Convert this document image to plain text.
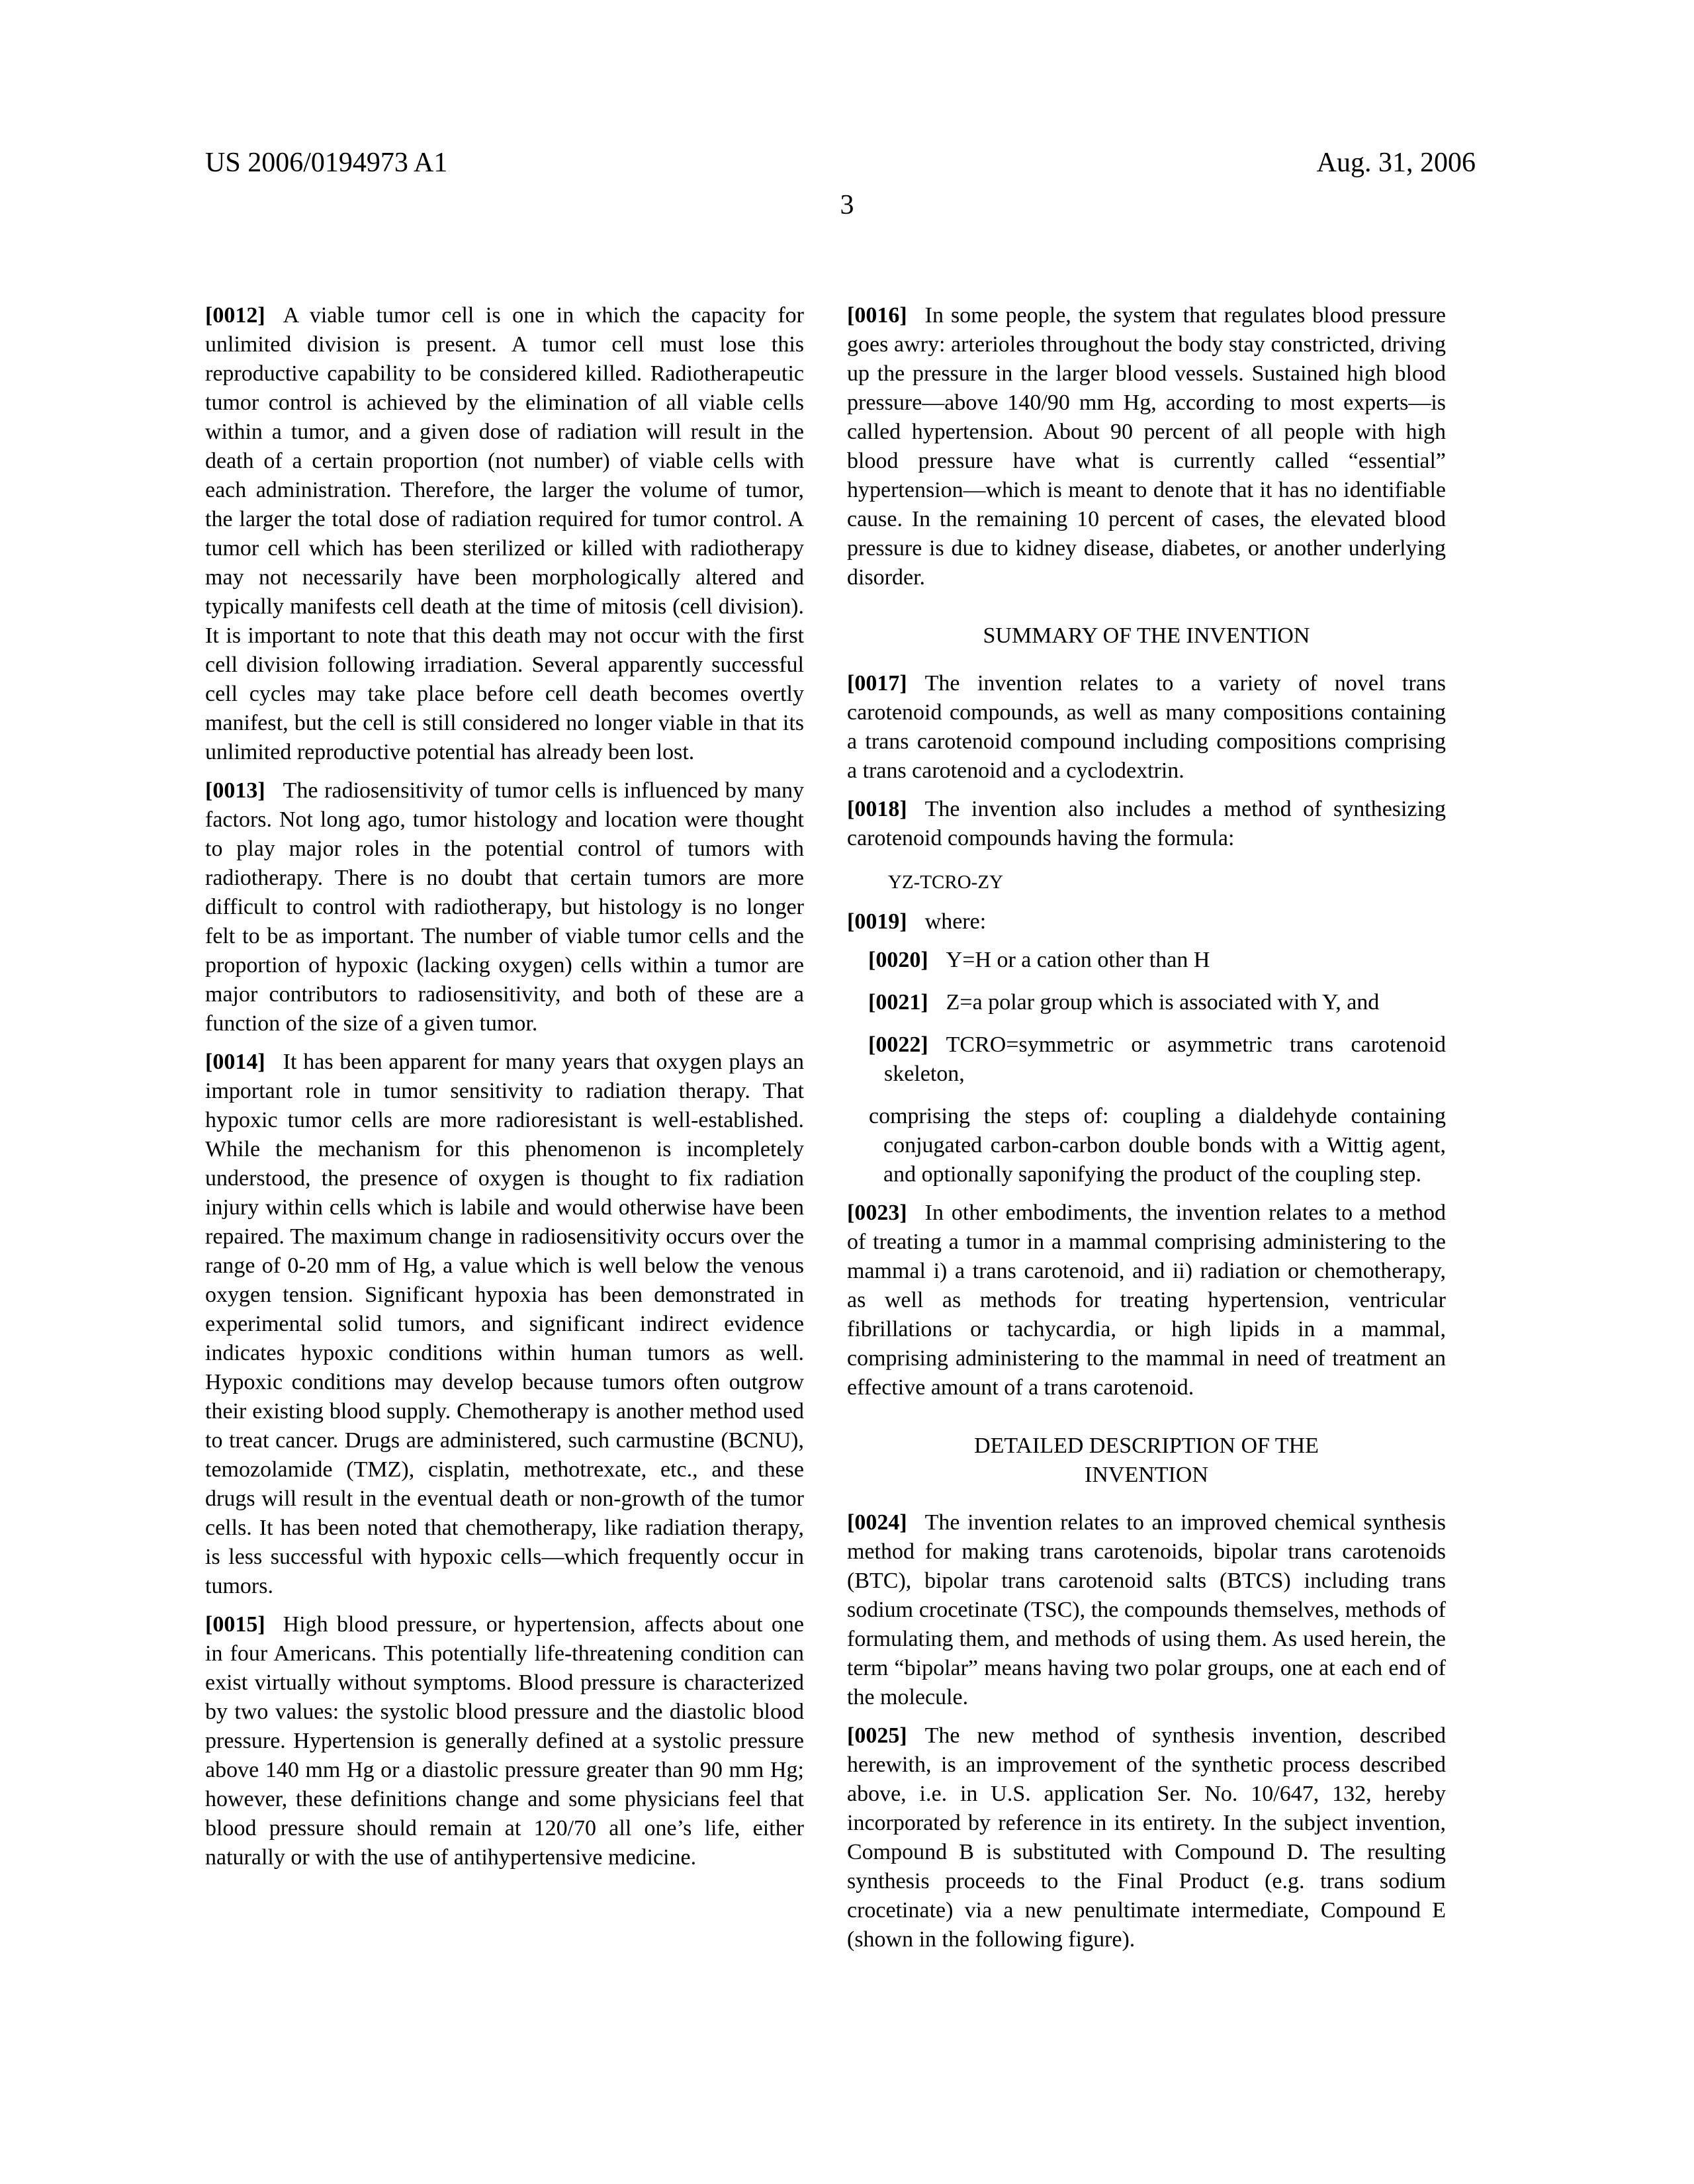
US 2006/0194973 A1	Aug. 31, 2006
3

[0012] A viable tumor cell is one in which the capacity for unlimited division is present. A tumor cell must lose this reproductive capability to be considered killed. Radiotherapeutic tumor control is achieved by the elimination of all viable cells within a tumor, and a given dose of radiation will result in the death of a certain proportion (not number) of viable cells with each administration. Therefore, the larger the volume of tumor, the larger the total dose of radiation required for tumor control. A tumor cell which has been sterilized or killed with radiotherapy may not necessarily have been morphologically altered and typically manifests cell death at the time of mitosis (cell division). It is important to note that this death may not occur with the first cell division following irradiation. Several apparently successful cell cycles may take place before cell death becomes overtly manifest, but the cell is still considered no longer viable in that its unlimited reproductive potential has already been lost.

[0013] The radiosensitivity of tumor cells is influenced by many factors. Not long ago, tumor histology and location were thought to play major roles in the potential control of tumors with radiotherapy. There is no doubt that certain tumors are more difficult to control with radiotherapy, but histology is no longer felt to be as important. The number of viable tumor cells and the proportion of hypoxic (lacking oxygen) cells within a tumor are major contributors to radiosensitivity, and both of these are a function of the size of a given tumor.

[0014] It has been apparent for many years that oxygen plays an important role in tumor sensitivity to radiation therapy. That hypoxic tumor cells are more radioresistant is well-established. While the mechanism for this phenomenon is incompletely understood, the presence of oxygen is thought to fix radiation injury within cells which is labile and would otherwise have been repaired. The maximum change in radiosensitivity occurs over the range of 0-20 mm of Hg, a value which is well below the venous oxygen tension. Significant hypoxia has been demonstrated in experimental solid tumors, and significant indirect evidence indicates hypoxic conditions within human tumors as well. Hypoxic conditions may develop because tumors often outgrow their existing blood supply. Chemotherapy is another method used to treat cancer. Drugs are administered, such carmustine (BCNU), temozolamide (TMZ), cisplatin, methotrexate, etc., and these drugs will result in the eventual death or non-growth of the tumor cells. It has been noted that chemotherapy, like radiation therapy, is less successful with hypoxic cells—which frequently occur in tumors.

[0015] High blood pressure, or hypertension, affects about one in four Americans. This potentially life-threatening condition can exist virtually without symptoms. Blood pressure is characterized by two values: the systolic blood pressure and the diastolic blood pressure. Hypertension is generally defined at a systolic pressure above 140 mm Hg or a diastolic pressure greater than 90 mm Hg; however, these definitions change and some physicians feel that blood pressure should remain at 120/70 all one’s life, either naturally or with the use of antihypertensive medicine.

[0016] In some people, the system that regulates blood pressure goes awry: arterioles throughout the body stay constricted, driving up the pressure in the larger blood vessels. Sustained high blood pressure—above 140/90 mm Hg, according to most experts—is called hypertension. About 90 percent of all people with high blood pressure have what is currently called “essential” hypertension—which is meant to denote that it has no identifiable cause. In the remaining 10 percent of cases, the elevated blood pressure is due to kidney disease, diabetes, or another underlying disorder.

SUMMARY OF THE INVENTION

[0017] The invention relates to a variety of novel trans carotenoid compounds, as well as many compositions containing a trans carotenoid compound including compositions comprising a trans carotenoid and a cyclodextrin.

[0018] The invention also includes a method of synthesizing carotenoid compounds having the formula:

YZ-TCRO-ZY

[0019] where:

[0020] Y=H or a cation other than H

[0021] Z=a polar group which is associated with Y, and

[0022] TCRO=symmetric or asymmetric trans carotenoid skeleton,

comprising the steps of: coupling a dialdehyde containing conjugated carbon-carbon double bonds with a Wittig agent, and optionally saponifying the product of the coupling step.

[0023] In other embodiments, the invention relates to a method of treating a tumor in a mammal comprising administering to the mammal i) a trans carotenoid, and ii) radiation or chemotherapy, as well as methods for treating hypertension, ventricular fibrillations or tachycardia, or high lipids in a mammal, comprising administering to the mammal in need of treatment an effective amount of a trans carotenoid.

DETAILED DESCRIPTION OF THE INVENTION

[0024] The invention relates to an improved chemical synthesis method for making trans carotenoids, bipolar trans carotenoids (BTC), bipolar trans carotenoid salts (BTCS) including trans sodium crocetinate (TSC), the compounds themselves, methods of formulating them, and methods of using them. As used herein, the term “bipolar” means having two polar groups, one at each end of the molecule.

[0025] The new method of synthesis invention, described herewith, is an improvement of the synthetic process described above, i.e. in U.S. application Ser. No. 10/647, 132, hereby incorporated by reference in its entirety. In the subject invention, Compound B is substituted with Compound D. The resulting synthesis proceeds to the Final Product (e.g. trans sodium crocetinate) via a new penultimate intermediate, Compound E (shown in the following figure).
